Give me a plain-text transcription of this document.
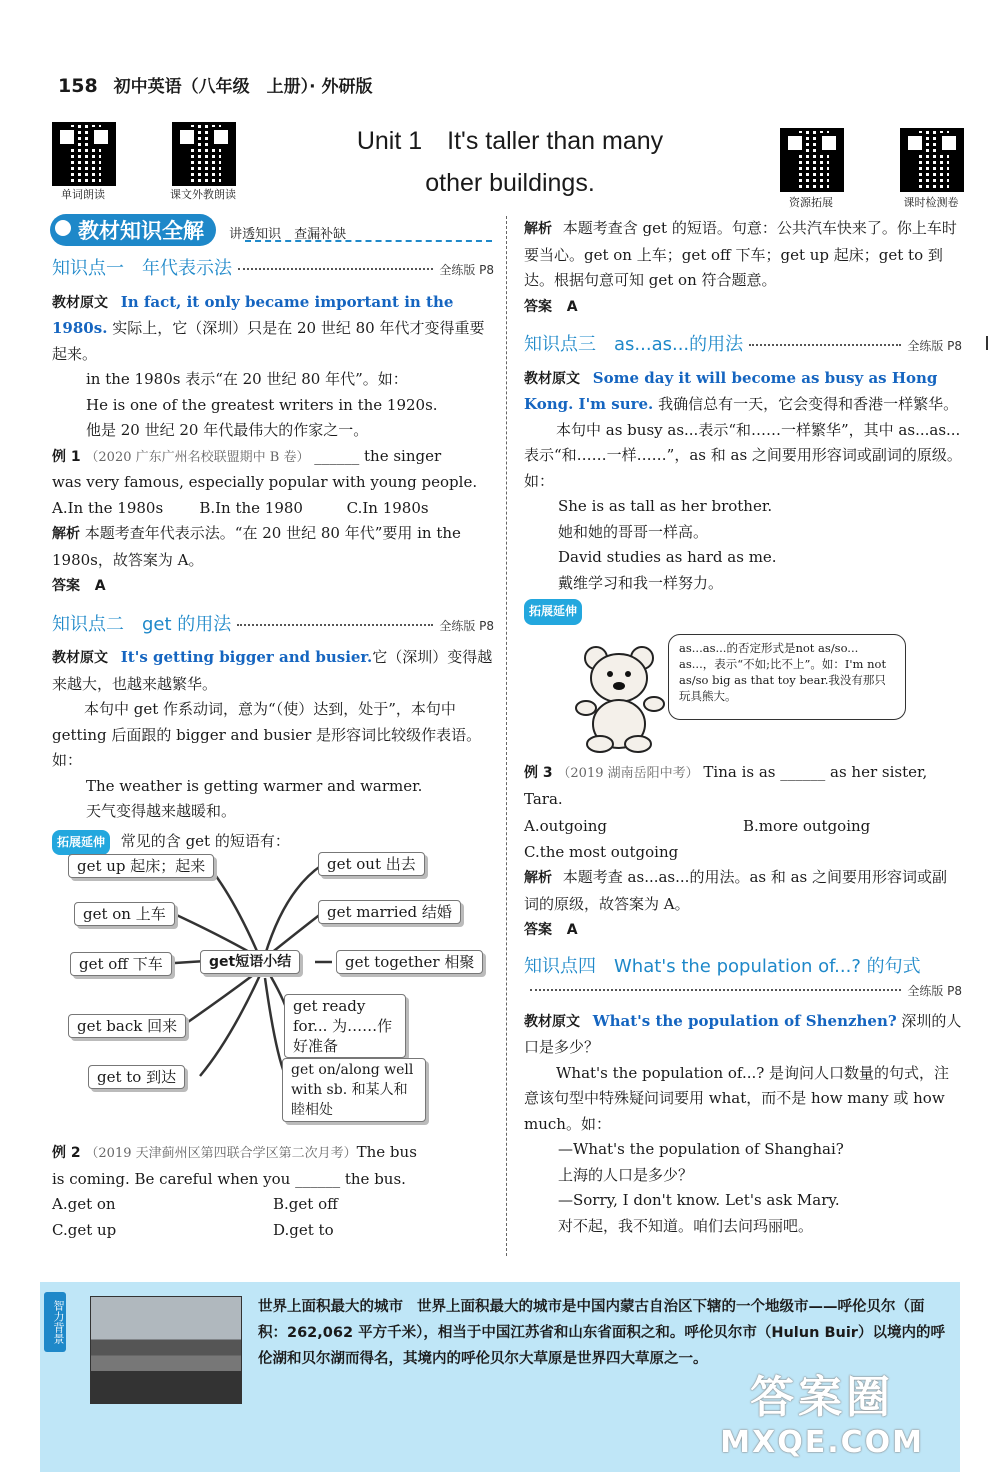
158 初中英语（八年级　上册）· 外研版
单词朗读	课文外教朗读
资源拓展	课时检测卷
Unit 1　It's taller than many
other buildings.
教材知识全解 讲透知识　查漏补缺
知识点一　年代表示法	全练版 P8
教材原文 In fact, it only became important in the 1980s. 实际上，它（深圳）只是在 20 世纪 80 年代才变得重要起来。
in the 1980s 表示“在 20 世纪 80 年代”。如：
He is one of the greatest writers in the 1920s.
他是 20 世纪 20 年代最伟大的作家之一。
例 1 （2020 广东广州名校联盟期中 B 卷） ______ the singer
was very famous, especially popular with young people.
A.In the 1980s	B.In the 1980	C.In 1980s
解析 本题考查年代表示法。“在 20 世纪 80 年代”要用 in the 1980s，故答案为 A。
答案 A
知识点二　get 的用法	全练版 P8
教材原文 It's getting bigger and busier.它（深圳）变得越来越大，也越来越繁华。
本句中 get 作系动词，意为“（使）达到，处于”，本句中 getting 后面跟的 bigger and busier 是形容词比较级作表语。如：
The weather is getting warmer and warmer.
天气变得越来越暖和。
拓展延伸 常见的含 get 的短语有：
get up 起床；起来
get on 上车
get off 下车
get back 回来
get to 到达
get短语小结
get out 出去
get married 结婚
get together 相聚
get ready for... 为……作好准备
get on/along well with sb. 和某人和睦相处
例 2 （2019 天津蓟州区第四联合学区第二次月考）The bus
is coming. Be careful when you ______ the bus.
A.get on	B.get off
C.get up	D.get to
解析 本题考查含 get 的短语。句意：公共汽车快来了。你上车时要当心。get on 上车；get off 下车；get up 起床；get to 到达。根据句意可知 get on 符合题意。
答案 A
知识点三　as...as...的用法	全练版 P8
教材原文 Some day it will become as busy as Hong Kong. I'm sure. 我确信总有一天，它会变得和香港一样繁华。
本句中 as busy as...表示“和……一样繁华”，其中 as...as...表示“和……一样……”，as 和 as 之间要用形容词或副词的原级。如：
She is as tall as her brother.
她和她的哥哥一样高。
David studies as hard as me.
戴维学习和我一样努力。
拓展延伸
as...as...的否定形式是not as/so... as...，表示“不如;比不上”。如：I'm not as/so big as that toy bear.我没有那只玩具熊大。
例 3 （2019 湖南岳阳中考） Tina is as ______ as her sister,
Tara.
A.outgoing	B.more outgoing
C.the most outgoing
解析 本题考查 as...as...的用法。as 和 as 之间要用形容词或副词的原级，故答案为 A。
答案 A
知识点四　What's the population of...? 的句式
全练版 P8
教材原文 What's the population of Shenzhen? 深圳的人口是多少？
What's the population of...? 是询问人口数量的句式，注意该句型中特殊疑问词要用 what，而不是 how many 或 how much。如：
—What's the population of Shanghai?
上海的人口是多少？
—Sorry, I don't know. Let's ask Mary.
对不起，我不知道。咱们去问玛丽吧。
智力背景	世界上面积最大的城市 世界上面积最大的城市是中国内蒙古自治区下辖的一个地级市——呼伦贝尔（面积：262,062 平方千米），相当于中国江苏省和山东省面积之和。呼伦贝尔市（Hulun Buir）以境内的呼伦湖和贝尔湖而得名，其境内的呼伦贝尔大草原是世界四大草原之一。
答案圈
MXQE.COM
